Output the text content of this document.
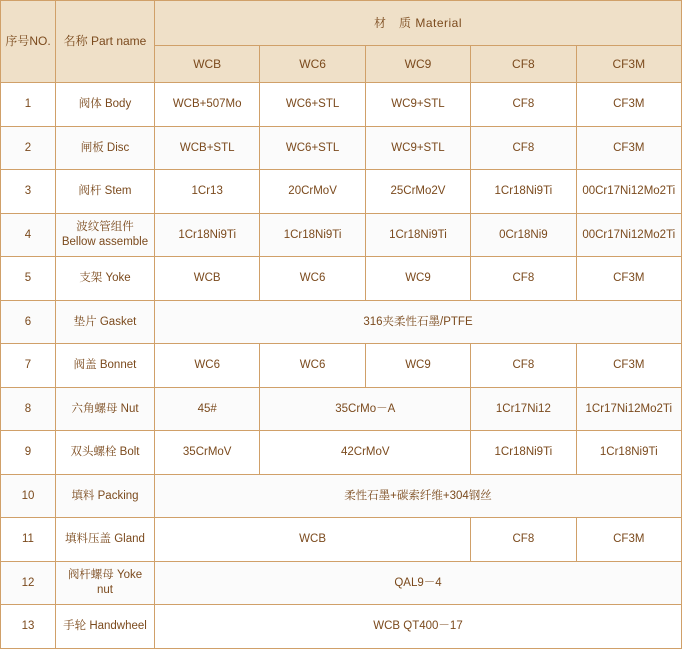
序号NO.	名称 Part name	材　质 Material				
		WCB	WC6	WC9	CF8	CF3M
1	阀体 Body	WCB+507Mo	WC6+STL	WC9+STL	CF8	CF3M
2	闸板 Disc	WCB+STL	WC6+STL	WC9+STL	CF8	CF3M
3	阀杆 Stem	1Cr13	20CrMoV	25CrMo2V	1Cr18Ni9Ti	00Cr17Ni12Mo2Ti
4	波纹管组件
Bellow assemble	1Cr18Ni9Ti	1Cr18Ni9Ti	1Cr18Ni9Ti	0Cr18Ni9	00Cr17Ni12Mo2Ti
5	支架 Yoke	WCB	WC6	WC9	CF8	CF3M
6	垫片 Gasket	316夹柔性石墨/PTFE				
7	阀盖 Bonnet	WC6	WC6	WC9	CF8	CF3M
8	六角螺母 Nut	45#	35CrMo－A		1Cr17Ni12	1Cr17Ni12Mo2Ti
9	双头螺栓 Bolt	35CrMoV	42CrMoV		1Cr18Ni9Ti	1Cr18Ni9Ti
10	填料 Packing	柔性石墨+碳索纤维+304钢丝				
11	填料压盖 Gland	WCB			CF8	CF3M
12	阀杆螺母 Yoke nut	QAL9－4				
13	手轮 Handwheel	WCB QT400－17				
